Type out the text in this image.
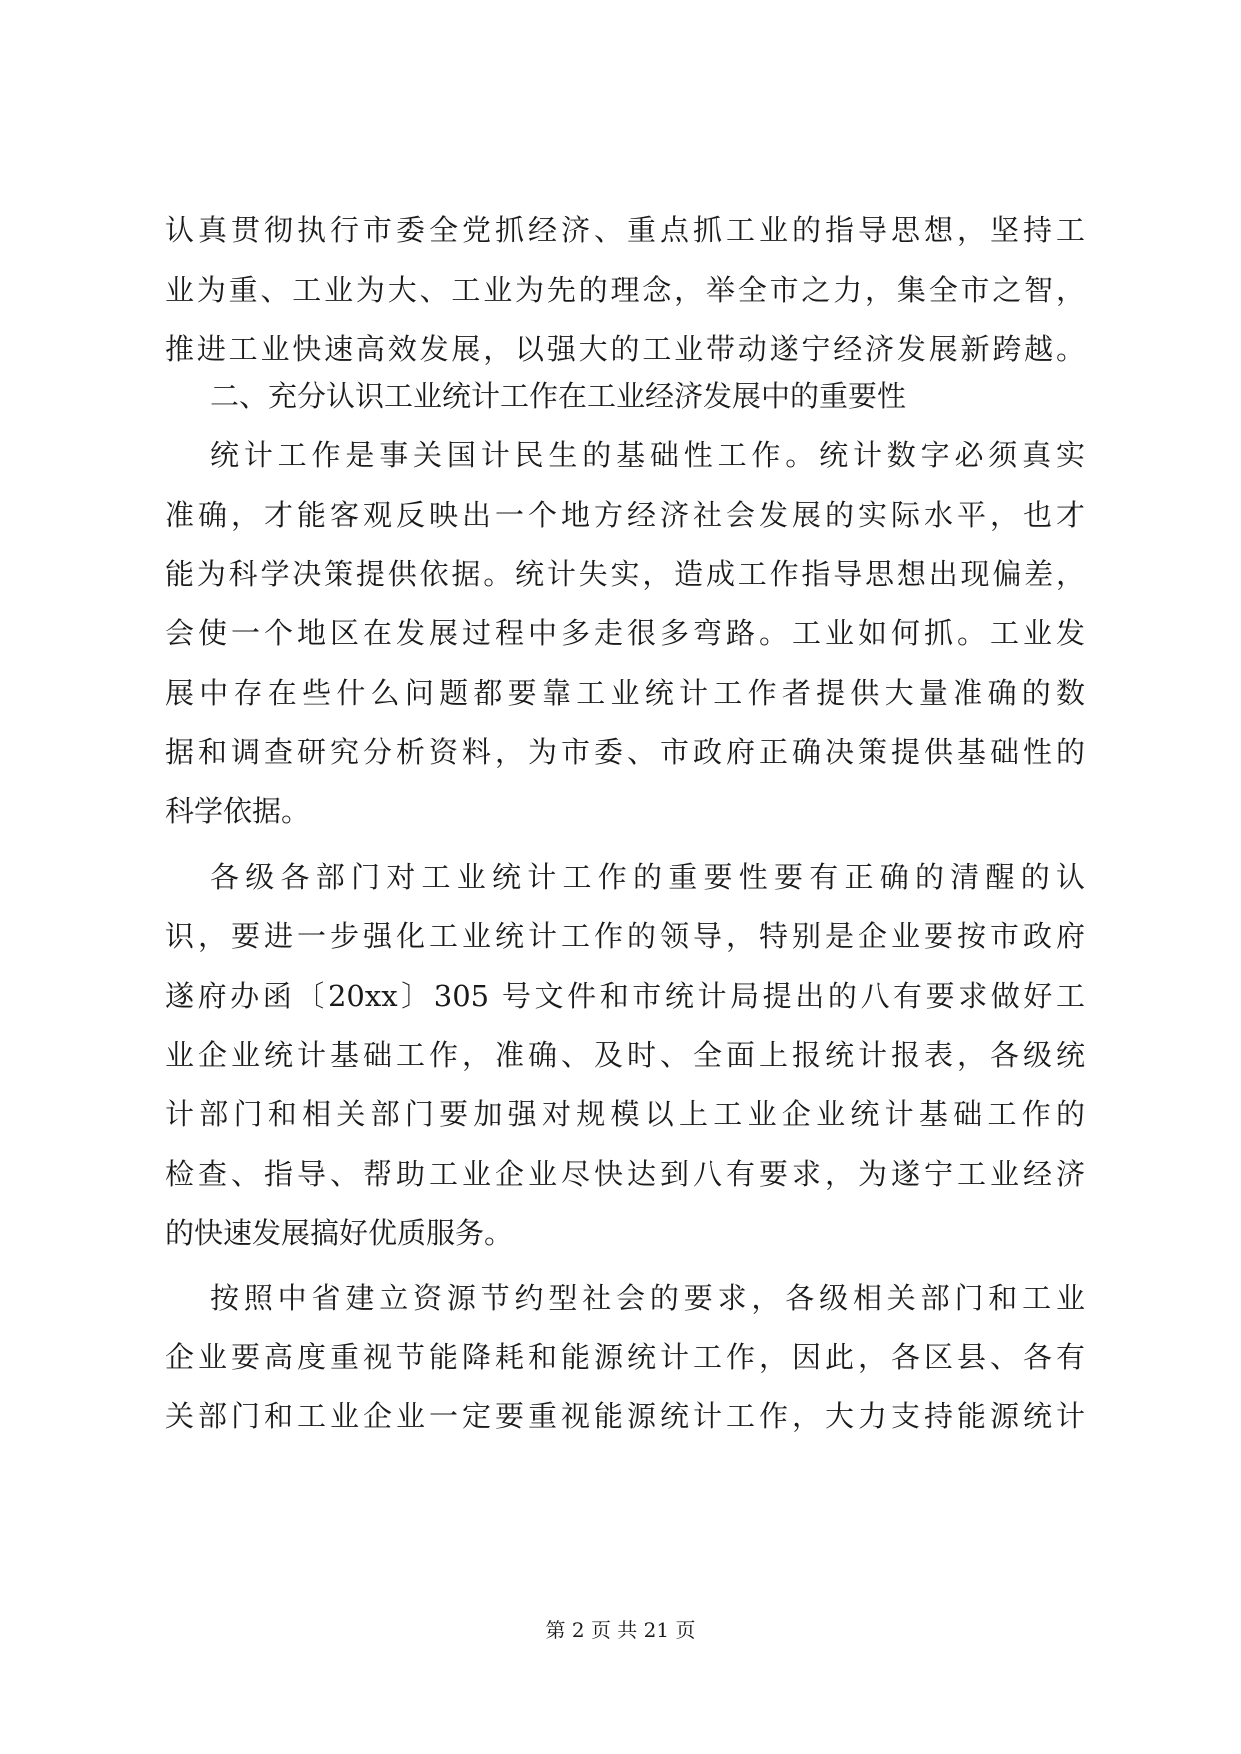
认真贯彻执行市委全党抓经济、重点抓工业的指导思想，坚持工
业为重、工业为大、工业为先的理念，举全市之力，集全市之智，
推进工业快速高效发展，以强大的工业带动遂宁经济发展新跨越。
二、充分认识工业统计工作在工业经济发展中的重要性
统计工作是事关国计民生的基础性工作。统计数字必须真实
准确，才能客观反映出一个地方经济社会发展的实际水平，也才
能为科学决策提供依据。统计失实，造成工作指导思想出现偏差，
会使一个地区在发展过程中多走很多弯路。工业如何抓。工业发
展中存在些什么问题都要靠工业统计工作者提供大量准确的数
据和调查研究分析资料，为市委、市政府正确决策提供基础性的
科学依据。
各级各部门对工业统计工作的重要性要有正确的清醒的认
识，要进一步强化工业统计工作的领导，特别是企业要按市政府
遂府办函〔20xx〕305 号文件和市统计局提出的八有要求做好工
业企业统计基础工作，准确、及时、全面上报统计报表，各级统
计部门和相关部门要加强对规模以上工业企业统计基础工作的
检查、指导、帮助工业企业尽快达到八有要求，为遂宁工业经济
的快速发展搞好优质服务。
按照中省建立资源节约型社会的要求，各级相关部门和工业
企业要高度重视节能降耗和能源统计工作，因此，各区县、各有
关部门和工业企业一定要重视能源统计工作，大力支持能源统计
第 2 页 共 21 页
